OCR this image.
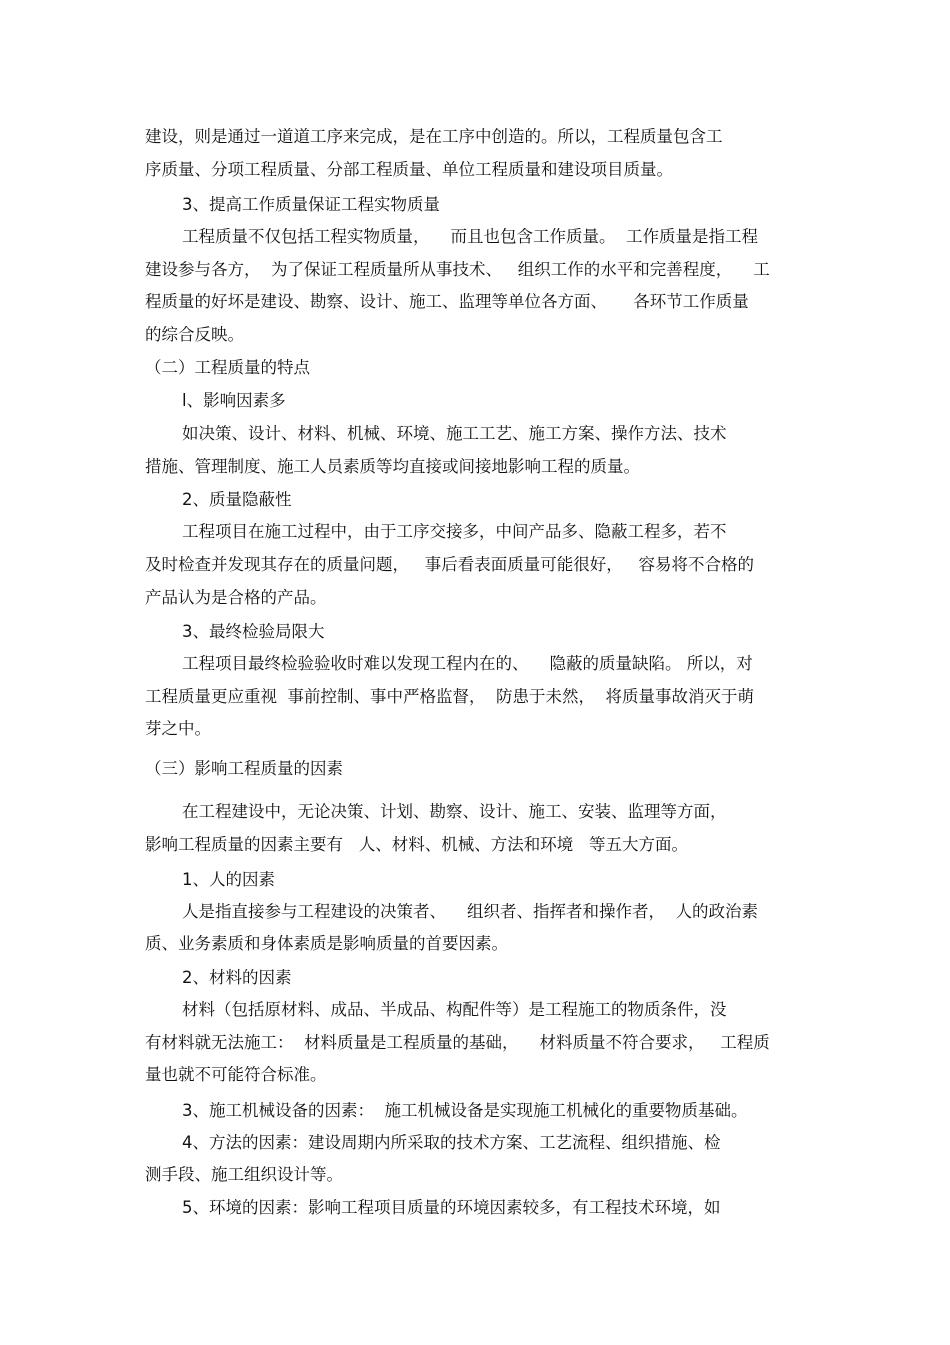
建设，则是通过一道道工序来完成，是在工序中创造的。所以，工程质量包含工

序质量、分项工程质量、分部工程质量、单位工程质量和建设项目质量。

3、提高工作质量保证工程实物质量

工程质量不仅包括工程实物质量，    而且也包含工作质量。  工作质量是指工程

建设参与各方，  为了保证工程质量所从事技术、   组织工作的水平和完善程度，    工

程质量的好坏是建设、勘察、设计、施工、监理等单位各方面、     各环节工作质量

的综合反映。

（二）工程质量的特点

l、影响因素多

如决策、设计、材料、机械、环境、施工工艺、施工方案、操作方法、技术

措施、管理制度、施工人员素质等均直接或间接地影响工程的质量。

2、质量隐蔽性

工程项目在施工过程中，由于工序交接多，中间产品多、隐蔽工程多，若不

及时检查并发现其存在的质量问题，   事后看表面质量可能很好，   容易将不合格的

产品认为是合格的产品。

3、最终检验局限大

工程项目最终检验验收时难以发现工程内在的、    隐蔽的质量缺陷。 所以，对

工程质量更应重视  事前控制、事中严格监督，  防患于未然，  将质量事故消灭于萌

芽之中。

（三）影响工程质量的因素

在工程建设中，无论决策、计划、勘察、设计、施工、安装、监理等方面，

影响工程质量的因素主要有   人、材料、机械、方法和环境   等五大方面。

1、人的因素

人是指直接参与工程建设的决策者、    组织者、指挥者和操作者，  人的政治素

质、业务素质和身体素质是影响质量的首要因素。

2、材料的因素

材料（包括原材料、成品、半成品、构配件等）是工程施工的物质条件，没

有材料就无法施工：  材料质量是工程质量的基础，    材料质量不符合要求，   工程质

量也就不可能符合标准。

3、施工机械设备的因素：  施工机械设备是实现施工机械化的重要物质基础。

4、方法的因素：建设周期内所采取的技术方案、工艺流程、组织措施、检

测手段、施工组织设计等。

5、环境的因素：影响工程项目质量的环境因素较多，有工程技术环境，如
